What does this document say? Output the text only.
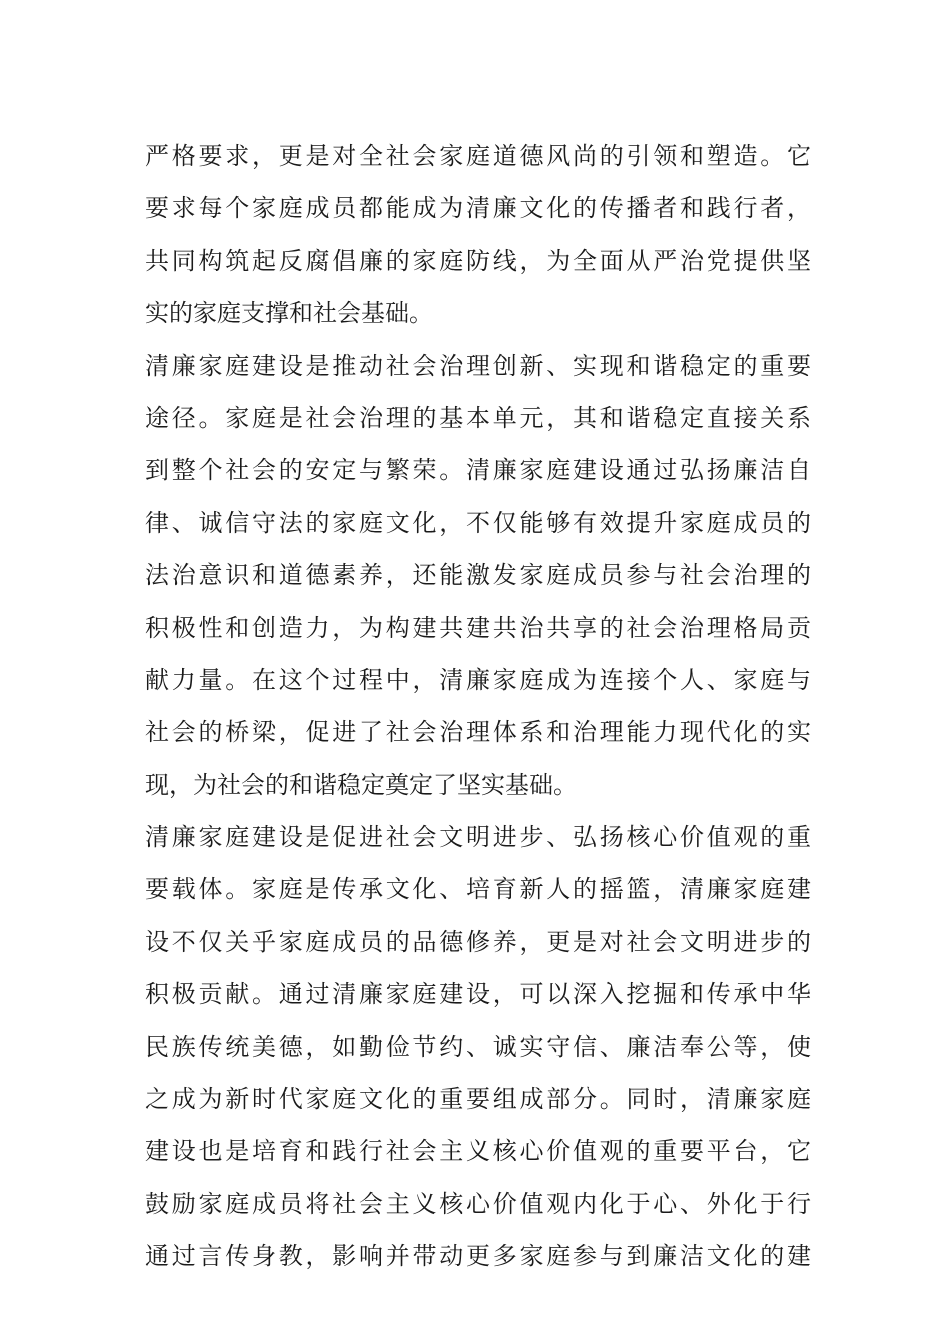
严格要求，更是对全社会家庭道德风尚的引领和塑造。它
要求每个家庭成员都能成为清廉文化的传播者和践行者，
共同构筑起反腐倡廉的家庭防线，为全面从严治党提供坚
实的家庭支撑和社会基础。
清廉家庭建设是推动社会治理创新、实现和谐稳定的重要
途径。家庭是社会治理的基本单元，其和谐稳定直接关系
到整个社会的安定与繁荣。清廉家庭建设通过弘扬廉洁自
律、诚信守法的家庭文化，不仅能够有效提升家庭成员的
法治意识和道德素养，还能激发家庭成员参与社会治理的
积极性和创造力，为构建共建共治共享的社会治理格局贡
献力量。在这个过程中，清廉家庭成为连接个人、家庭与
社会的桥梁，促进了社会治理体系和治理能力现代化的实
现，为社会的和谐稳定奠定了坚实基础。
清廉家庭建设是促进社会文明进步、弘扬核心价值观的重
要载体。家庭是传承文化、培育新人的摇篮，清廉家庭建
设不仅关乎家庭成员的品德修养，更是对社会文明进步的
积极贡献。通过清廉家庭建设，可以深入挖掘和传承中华
民族传统美德，如勤俭节约、诚实守信、廉洁奉公等，使
之成为新时代家庭文化的重要组成部分。同时，清廉家庭
建设也是培育和践行社会主义核心价值观的重要平台，它
鼓励家庭成员将社会主义核心价值观内化于心、外化于行
通过言传身教，影响并带动更多家庭参与到廉洁文化的建
